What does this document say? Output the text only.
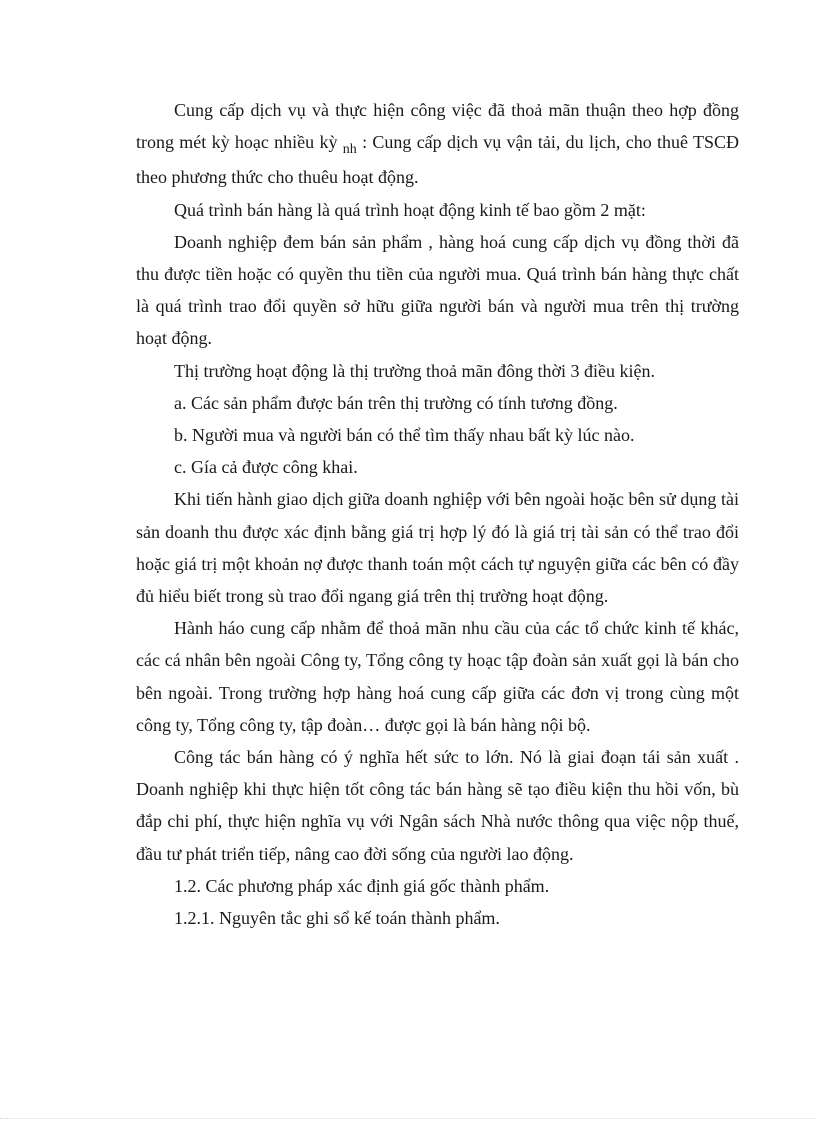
Cung cấp dịch vụ và thực hiện công việc đã thoả mãn thuận theo hợp đồng trong mét kỳ hoạc nhiều kỳ $_{nh}$ : Cung cấp dịch vụ vận tải, du lịch, cho thuê TSCĐ theo phương thức cho thuêu hoạt động.

Quá trình bán hàng là quá trình hoạt động kinh tế bao gồm 2 mặt:

Doanh nghiệp đem bán sản phẩm , hàng hoá cung cấp dịch vụ đồng thời đã thu được tiền hoặc có quyền thu tiền của người mua. Quá trình bán hàng thực chất là quá trình trao đổi quyền sở hữu giữa người bán và người mua trên thị trường hoạt động.

Thị trường hoạt động là thị trường thoả mãn đông thời 3 điều kiện.

a. Các sản phẩm được bán trên thị trường có tính tương đồng.

b. Người mua và người bán có thể tìm thấy nhau bất kỳ lúc nào.

c. Gía cả được công khai.

Khi tiến hành giao dịch giữa doanh nghiệp với bên ngoài hoặc bên sử dụng tài sản doanh thu được xác định bằng giá trị hợp lý đó là giá trị tài sản có thể trao đổi hoặc giá trị một khoản nợ được thanh toán một cách tự nguyện giữa các bên có đầy đủ hiểu biết trong sù trao đổi ngang giá trên thị trường hoạt động.

Hành háo cung cấp nhằm để thoả mãn nhu cầu của các tổ chức kinh tế khác, các cá nhân bên ngoài Công ty, Tổng công ty hoạc tập đoàn sản xuất gọi là bán cho bên ngoài. Trong trường hợp hàng hoá cung cấp giữa các đơn vị trong cùng một công ty, Tổng công ty, tập đoàn… được gọi là bán hàng nội bộ.

Công tác bán hàng có ý nghĩa hết sức to lớn. Nó là giai đoạn tái sản xuất . Doanh nghiệp khi thực hiện tốt công tác bán hàng sẽ tạo điều kiện thu hồi vốn, bù đắp chi phí, thực hiện nghĩa vụ với Ngân sách Nhà nước thông qua việc nộp thuế, đầu tư phát triển tiếp, nâng cao đời sống của người lao động.

1.2. Các phương pháp xác định giá gốc thành phẩm.

1.2.1. Nguyên tắc ghi sổ kế toán thành phẩm.
